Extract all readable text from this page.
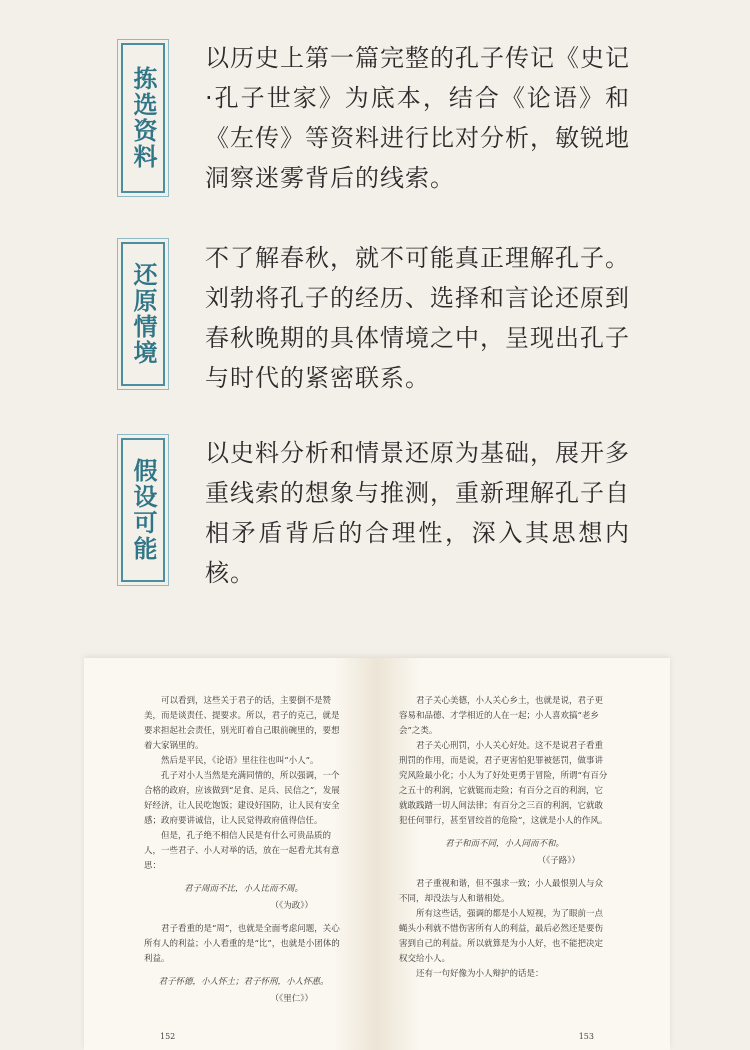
拣选资料
以历史上第一篇完整的孔子传记《史记·孔子世家》为底本，结合《论语》和《左传》等资料进行比对分析，敏锐地洞察迷雾背后的线索。
还原情境
不了解春秋，就不可能真正理解孔子。刘勃将孔子的经历、选择和言论还原到春秋晚期的具体情境之中，呈现出孔子与时代的紧密联系。
假设可能
以史料分析和情景还原为基础，展开多重线索的想象与推测，重新理解孔子自相矛盾背后的合理性，深入其思想内核。

可以看到，这些关于君子的话，主要倒不是赞美，而是谈责任、提要求。所以，君子的克己，就是要求担起社会责任，别光盯着自己眼前碗里的，要想着大家锅里的。

然后是平民，《论语》里往往也叫“小人”。

孔子对小人当然是充满同情的，所以强调，一个合格的政府，应该做到“足食、足兵、民信之”，发展好经济，让人民吃饱饭；建设好国防，让人民有安全感；政府要讲诚信，让人民觉得政府值得信任。

但是，孔子绝不相信人民是有什么可贵品质的人，一些君子、小人对举的话，放在一起看尤其有意思：

君子周而不比，小人比而不周。
（《为政》）

君子看重的是“周”，也就是全面考虑问题，关心所有人的利益；小人看重的是“比”，也就是小团体的利益。

君子怀德，小人怀土；君子怀刑，小人怀惠。
（《里仁》）
152

君子关心美德，小人关心乡土，也就是说，君子更容易和品德、才学相近的人在一起；小人喜欢搞“老乡会”之类。

君子关心刑罚，小人关心好处。这不是说君子看重刑罚的作用，而是说，君子更害怕犯罪被惩罚，做事讲究风险最小化；小人为了好处更勇于冒险，所谓“有百分之五十的利润，它就铤而走险；有百分之百的利润，它就敢践踏一切人间法律；有百分之三百的利润，它就敢犯任何罪行，甚至冒绞首的危险”，这就是小人的作风。

君子和而不同，小人同而不和。
（《子路》）

君子重视和谐，但不强求一致；小人最恨别人与众不同，却没法与人和谐相处。

所有这些话，强调的都是小人短视，为了眼前一点蝇头小利就不惜伤害所有人的利益，最后必然还是要伤害到自己的利益。所以就算是为小人好，也不能把决定权交给小人。

还有一句好像为小人辩护的话是：

153
